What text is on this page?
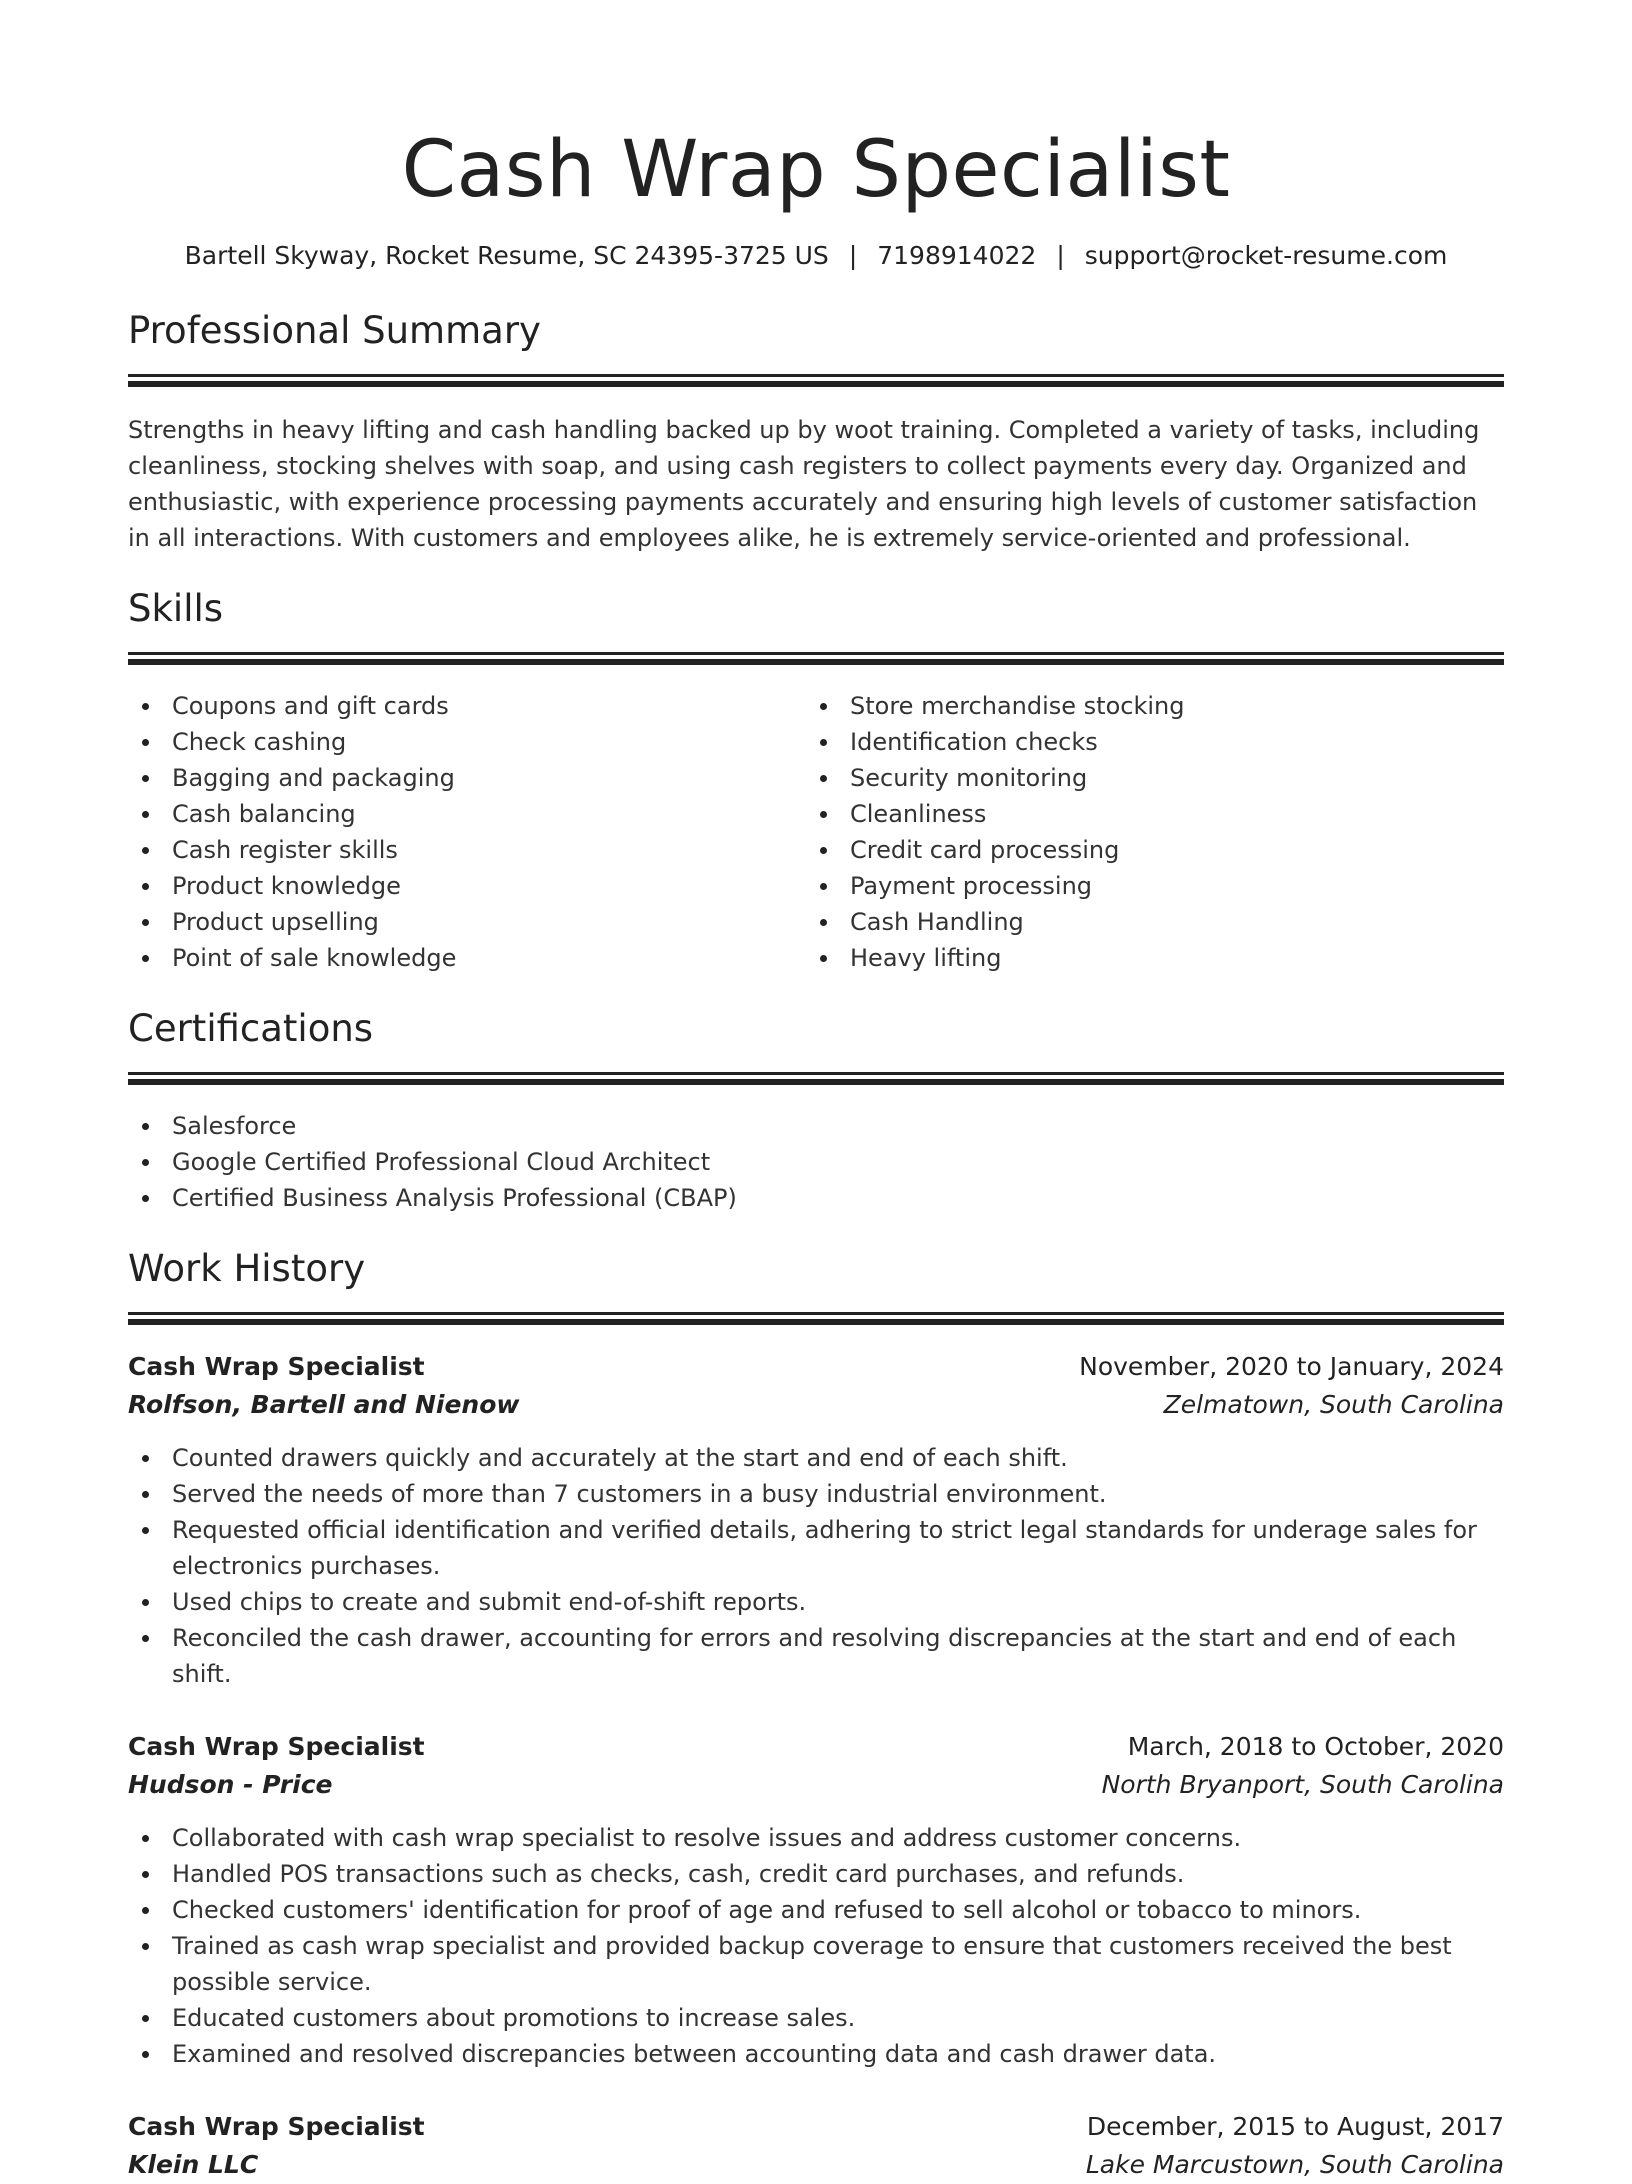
Cash Wrap Specialist
Bartell Skyway, Rocket Resume, SC 24395-3725 US | 7198914022 | support@rocket-resume.com
Professional Summary
Strengths in heavy lifting and cash handling backed up by woot training. Completed a variety of tasks, including cleanliness, stocking shelves with soap, and using cash registers to collect payments every day. Organized and enthusiastic, with experience processing payments accurately and ensuring high levels of customer satisfaction in all interactions. With customers and employees alike, he is extremely service-oriented and professional.
Skills
Coupons and gift cards
Check cashing
Bagging and packaging
Cash balancing
Cash register skills
Product knowledge
Product upselling
Point of sale knowledge
Store merchandise stocking
Identification checks
Security monitoring
Cleanliness
Credit card processing
Payment processing
Cash Handling
Heavy lifting
Certifications
Salesforce
Google Certified Professional Cloud Architect
Certified Business Analysis Professional (CBAP)
Work History
Cash Wrap Specialist	November, 2020 to January, 2024
Rolfson, Bartell and Nienow	Zelmatown, South Carolina
Counted drawers quickly and accurately at the start and end of each shift.
Served the needs of more than 7 customers in a busy industrial environment.
Requested official identification and verified details, adhering to strict legal standards for underage sales for electronics purchases.
Used chips to create and submit end-of-shift reports.
Reconciled the cash drawer, accounting for errors and resolving discrepancies at the start and end of each shift.
Cash Wrap Specialist	March, 2018 to October, 2020
Hudson - Price	North Bryanport, South Carolina
Collaborated with cash wrap specialist to resolve issues and address customer concerns.
Handled POS transactions such as checks, cash, credit card purchases, and refunds.
Checked customers' identification for proof of age and refused to sell alcohol or tobacco to minors.
Trained as cash wrap specialist and provided backup coverage to ensure that customers received the best possible service.
Educated customers about promotions to increase sales.
Examined and resolved discrepancies between accounting data and cash drawer data.
Cash Wrap Specialist	December, 2015 to August, 2017
Klein LLC	Lake Marcustown, South Carolina
